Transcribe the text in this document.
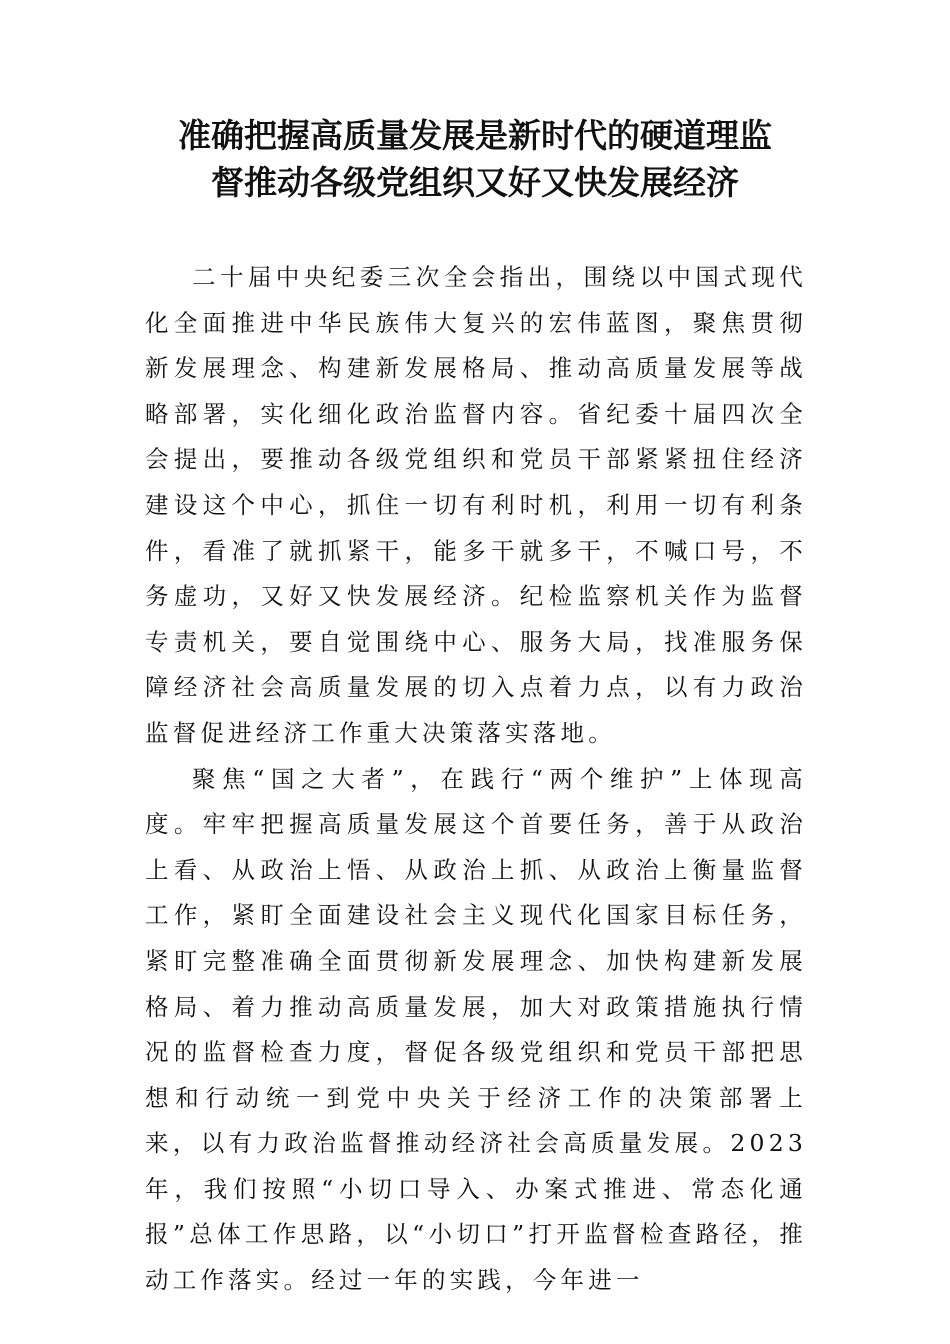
准确把握高质量发展是新时代的硬道理监
督推动各级党组织又好又快发展经济

二十届中央纪委三次全会指出，围绕以中国式现代化全面推进中华民族伟大复兴的宏伟蓝图，聚焦贯彻新发展理念、构建新发展格局、推动高质量发展等战略部署，实化细化政治监督内容。省纪委十届四次全会提出，要推动各级党组织和党员干部紧紧扭住经济建设这个中心，抓住一切有利时机，利用一切有利条件，看准了就抓紧干，能多干就多干，不喊口号，不务虚功，又好又快发展经济。纪检监察机关作为监督专责机关，要自觉围绕中心、服务大局，找准服务保障经济社会高质量发展的切入点着力点，以有力政治监督促进经济工作重大决策落实落地。

聚焦“国之大者”，在践行“两个维护”上体现高度。牢牢把握高质量发展这个首要任务，善于从政治上看、从政治上悟、从政治上抓、从政治上衡量监督工作，紧盯全面建设社会主义现代化国家目标任务，紧盯完整准确全面贯彻新发展理念、加快构建新发展格局、着力推动高质量发展，加大对政策措施执行情况的监督检查力度，督促各级党组织和党员干部把思想和行动统一到党中央关于经济工作的决策部署上来，以有力政治监督推动经济社会高质量发展。2023 年，我们按照“小切口导入、办案式推进、常态化通报”总体工作思路，以“小切口”打开监督检查路径，推动工作落实。经过一年的实践，今年进一
